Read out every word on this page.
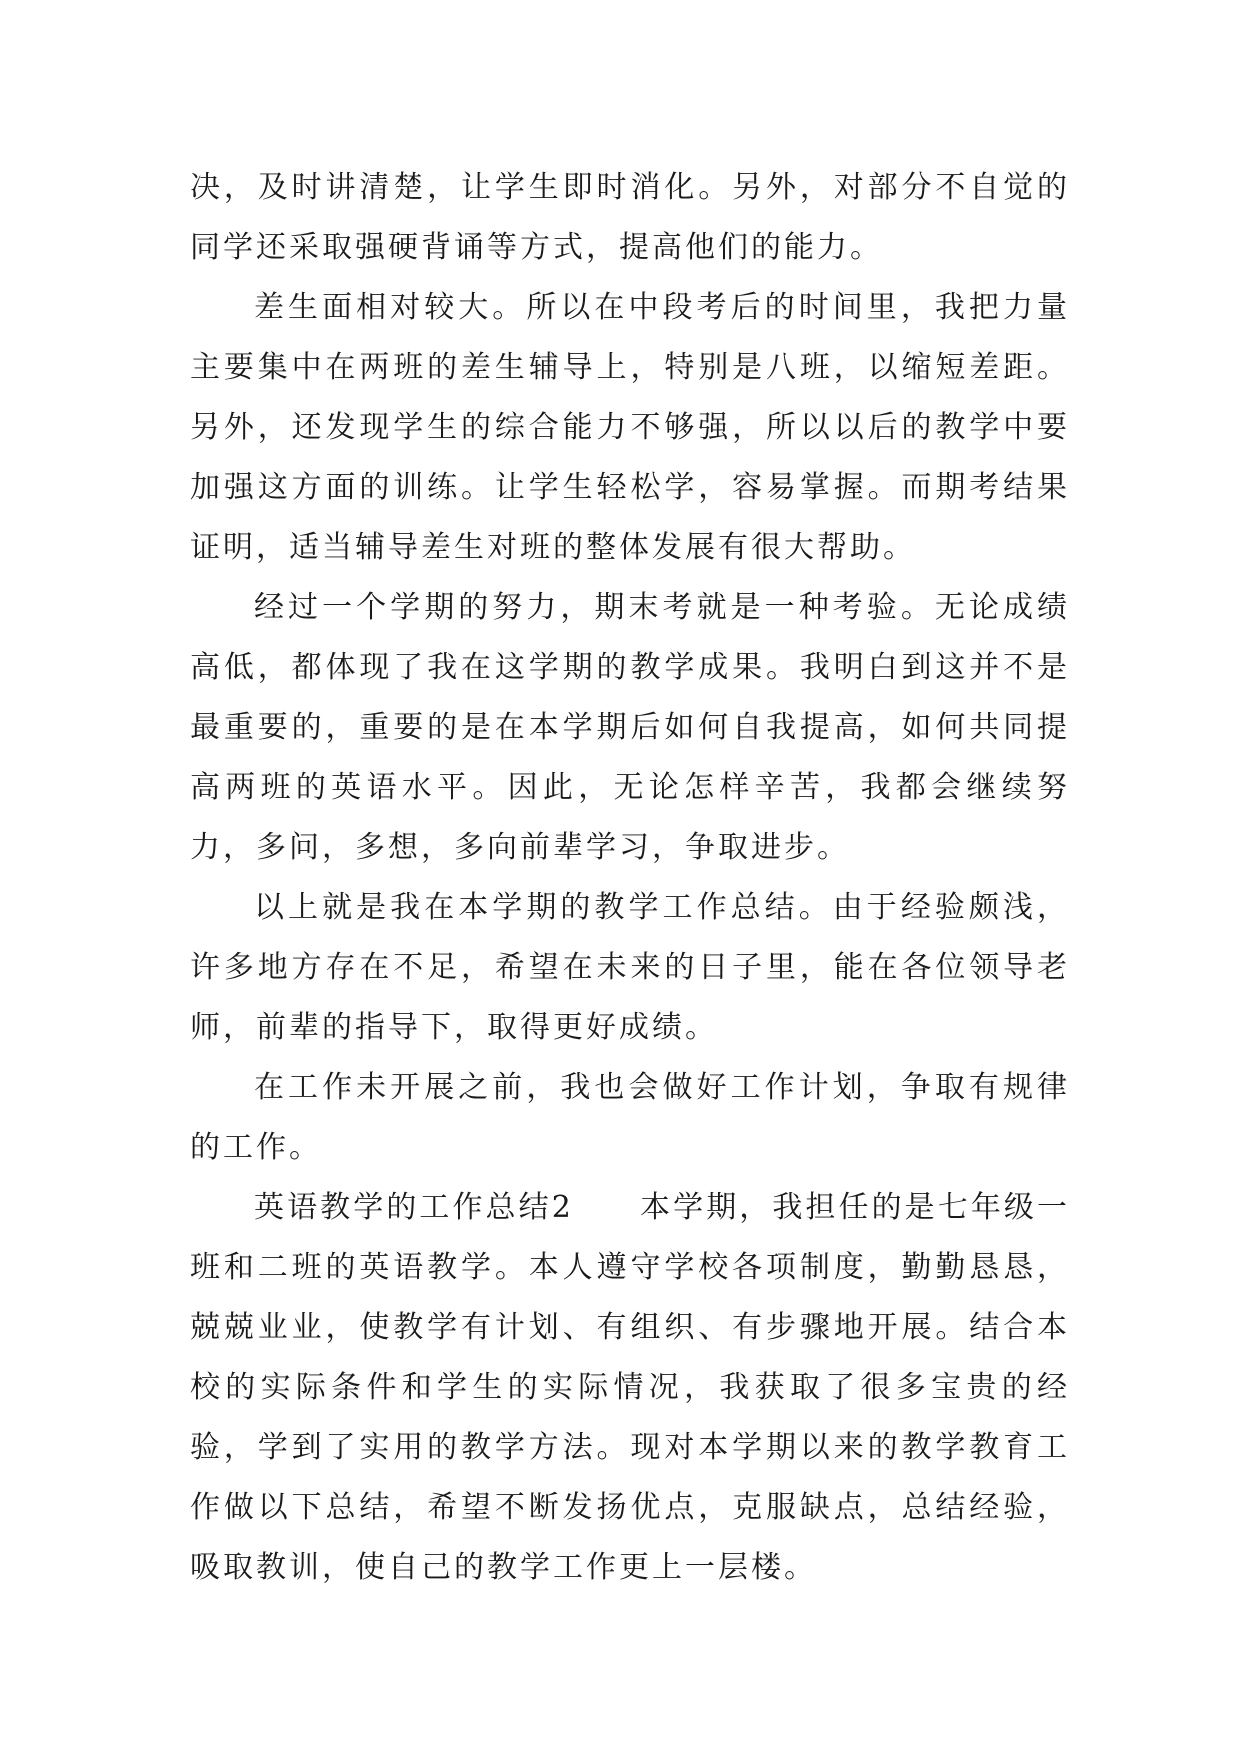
决，及时讲清楚，让学生即时消化。另外，对部分不自觉的同学还采取强硬背诵等方式，提高他们的能力。

差生面相对较大。所以在中段考后的时间里，我把力量主要集中在两班的差生辅导上，特别是八班，以缩短差距。另外，还发现学生的综合能力不够强，所以以后的教学中要加强这方面的训练。让学生轻松学，容易掌握。而期考结果证明，适当辅导差生对班的整体发展有很大帮助。

经过一个学期的努力，期末考就是一种考验。无论成绩高低，都体现了我在这学期的教学成果。我明白到这并不是最重要的，重要的是在本学期后如何自我提高，如何共同提高两班的英语水平。因此，无论怎样辛苦，我都会继续努力，多问，多想，多向前辈学习，争取进步。

以上就是我在本学期的教学工作总结。由于经验颇浅，许多地方存在不足，希望在未来的日子里，能在各位领导老师，前辈的指导下，取得更好成绩。

在工作未开展之前，我也会做好工作计划，争取有规律的工作。

英语教学的工作总结2　　本学期，我担任的是七年级一班和二班的英语教学。本人遵守学校各项制度，勤勤恳恳，兢兢业业，使教学有计划、有组织、有步骤地开展。结合本校的实际条件和学生的实际情况，我获取了很多宝贵的经验，学到了实用的教学方法。现对本学期以来的教学教育工作做以下总结，希望不断发扬优点，克服缺点，总结经验，吸取教训，使自己的教学工作更上一层楼。
